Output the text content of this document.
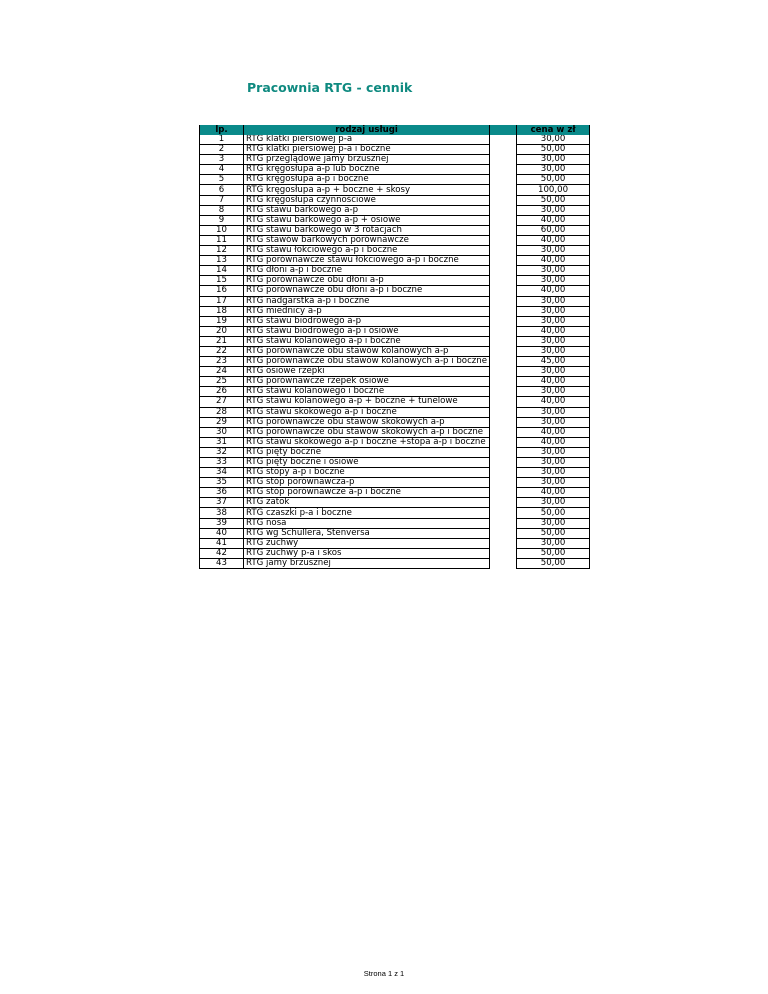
Pracownia RTG - cennik
lp.	rodzaj usługi		cena w zł
1	RTG klatki piersiowej p-a		30,00
2	RTG klatki piersiowej p-a i boczne		50,00
3	RTG przeglądowe jamy brzusznej		30,00
4	RTG kręgosłupa a-p lub boczne		30,00
5	RTG kręgosłupa a-p i boczne		50,00
6	RTG kręgosłupa a-p + boczne + skosy		100,00
7	RTG kręgosłupa czynnościowe		50,00
8	RTG stawu barkowego a-p		30,00
9	RTG stawu barkowego a-p + osiowe		40,00
10	RTG stawu barkowego w 3 rotacjach		60,00
11	RTG stawów barkowych porównawcze		40,00
12	RTG stawu łokciowego a-p i boczne		30,00
13	RTG porównawcze stawu łokciowego a-p i boczne		40,00
14	RTG dłoni a-p i boczne		30,00
15	RTG porównawcze obu dłoni a-p		30,00
16	RTG porównawcze obu dłoni a-p i boczne		40,00
17	RTG nadgarstka a-p i boczne		30,00
18	RTG miednicy a-p		30,00
19	RTG stawu biodrowego a-p		30,00
20	RTG stawu biodrowego a-p i osiowe		40,00
21	RTG stawu kolanowego a-p i boczne		30,00
22	RTG porównawcze obu stawów kolanowych a-p		30,00
23	RTG porównawcze obu stawów kolanowych a-p i boczne		45,00
24	RTG osiowe rzepki		30,00
25	RTG porównawcze rzepek osiowe		40,00
26	RTG stawu kolanowego i boczne		30,00
27	RTG stawu kolanowego a-p + boczne + tunelowe		40,00
28	RTG stawu skokowego a-p i boczne		30,00
29	RTG porównawcze obu stawów skokowych a-p		30,00
30	RTG porównawcze obu stawów skokowych a-p i boczne		40,00
31	RTG stawu skokowego a-p i boczne +stopa a-p i boczne		40,00
32	RTG pięty boczne		30,00
33	RTG pięty boczne i osiowe		30,00
34	RTG stopy a-p i boczne		30,00
35	RTG stóp porównawcza-p		30,00
36	RTG stóp porównawcze a-p i boczne		40,00
37	RTG zatok		30,00
38	RTG czaszki p-a i boczne		50,00
39	RTG nosa		30,00
40	RTG wg Schullera, Stenversa		50,00
41	RTG żuchwy		30,00
42	RTG żuchwy p-a i skos		50,00
43	RTG jamy brzusznej		50,00
Strona 1 z 1
